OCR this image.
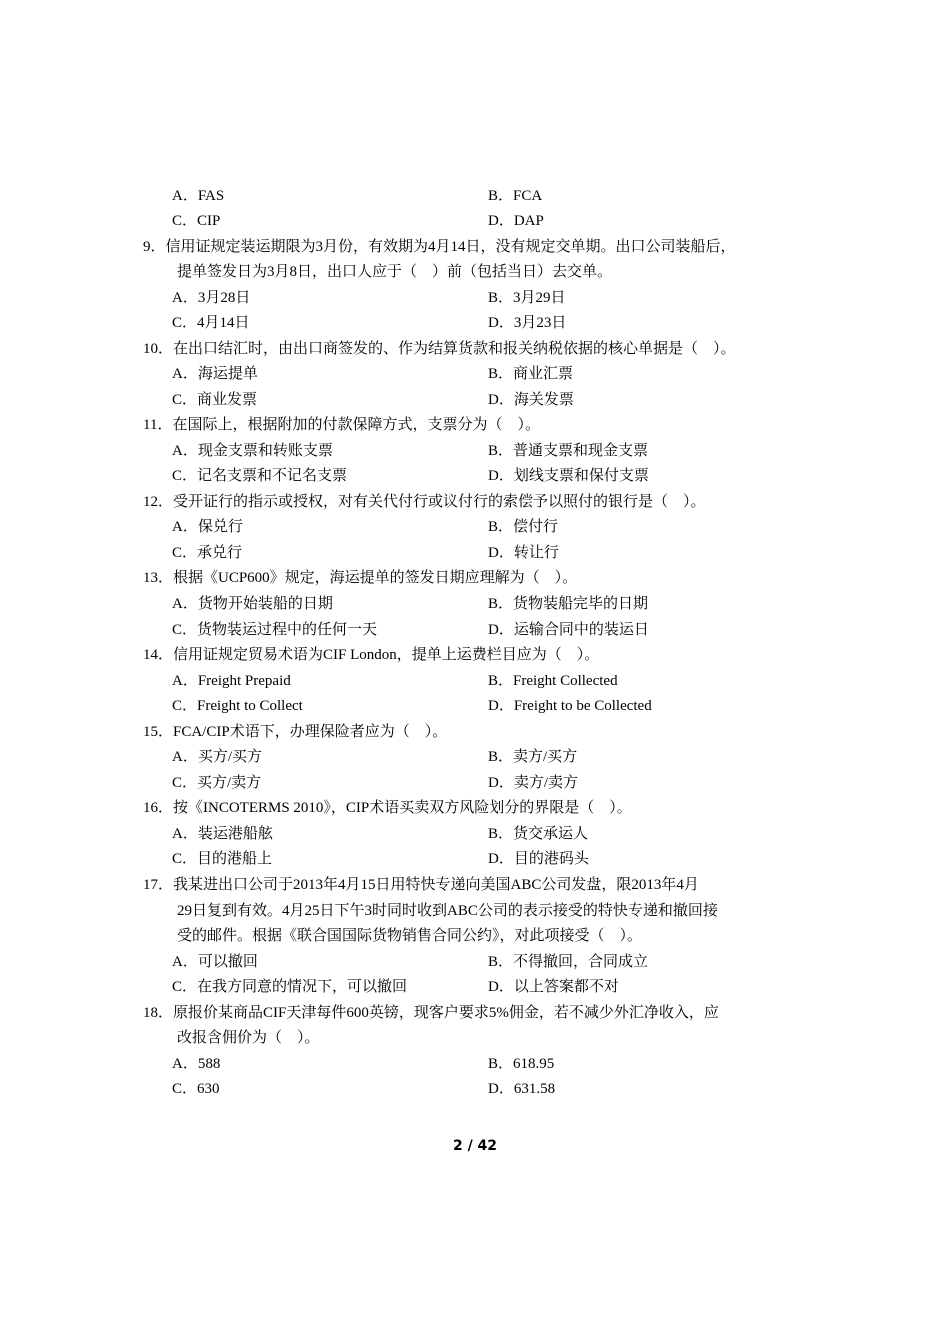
A．FAS	B．FCA
C．CIP	D．DAP
9．信用证规定装运期限为3月份，有效期为4月14日，没有规定交单期。出口公司装船后，
提单签发日为3月8日，出口人应于（　）前（包括当日）去交单。
A．3月28日	B．3月29日
C．4月14日	D．3月23日
10．在出口结汇时，由出口商签发的、作为结算货款和报关纳税依据的核心单据是（　）。
A．海运提单	B．商业汇票
C．商业发票	D．海关发票
11．在国际上，根据附加的付款保障方式，支票分为（　）。
A．现金支票和转账支票	B．普通支票和现金支票
C．记名支票和不记名支票	D．划线支票和保付支票
12．受开证行的指示或授权，对有关代付行或议付行的索偿予以照付的银行是（　）。
A．保兑行	B．偿付行
C．承兑行	D．转让行
13．根据《UCP600》规定，海运提单的签发日期应理解为（　）。
A．货物开始装船的日期	B．货物装船完毕的日期
C．货物装运过程中的任何一天	D．运输合同中的装运日
14．信用证规定贸易术语为CIF London，提单上运费栏目应为（　）。
A．Freight Prepaid	B．Freight Collected
C．Freight to Collect	D．Freight to be Collected
15．FCA/CIP术语下，办理保险者应为（　）。
A．买方/买方	B．卖方/买方
C．买方/卖方	D．卖方/卖方
16．按《INCOTERMS 2010》，CIP术语买卖双方风险划分的界限是（　）。
A．装运港船舷	B．货交承运人
C．目的港船上	D．目的港码头
17．我某进出口公司于2013年4月15日用特快专递向美国ABC公司发盘，限2013年4月
29日复到有效。4月25日下午3时同时收到ABC公司的表示接受的特快专递和撤回接
受的邮件。根据《联合国国际货物销售合同公约》，对此项接受（　）。
A．可以撤回	B．不得撤回，合同成立
C．在我方同意的情况下，可以撤回	D．以上答案都不对
18．原报价某商品CIF天津每件600英镑，现客户要求5%佣金，若不减少外汇净收入，应
改报含佣价为（　）。
A．588	B．618.95
C．630	D．631.58
2 / 42
